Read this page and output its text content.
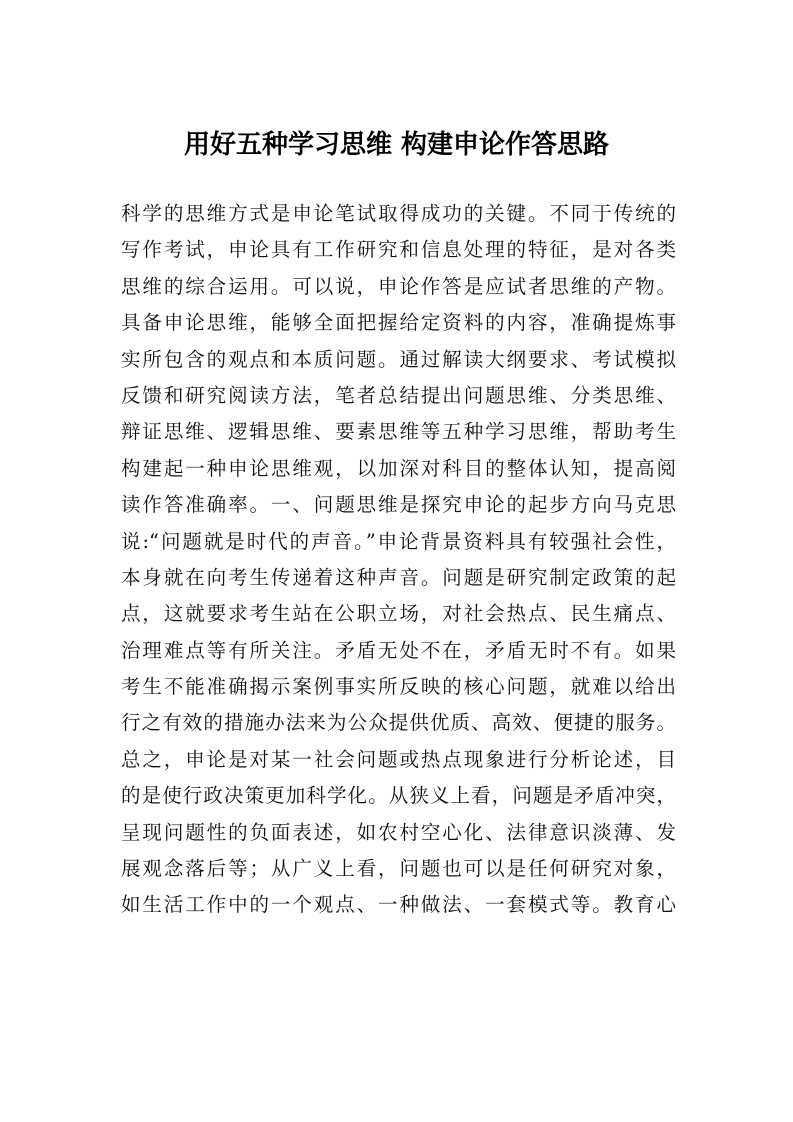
用好五种学习思维 构建申论作答思路
科学的思维方式是申论笔试取得成功的关键。不同于传统的
写作考试，申论具有工作研究和信息处理的特征，是对各类
思维的综合运用。可以说，申论作答是应试者思维的产物。
具备申论思维，能够全面把握给定资料的内容，准确提炼事
实所包含的观点和本质问题。通过解读大纲要求、考试模拟
反馈和研究阅读方法，笔者总结提出问题思维、分类思维、
辩证思维、逻辑思维、要素思维等五种学习思维，帮助考生
构建起一种申论思维观，以加深对科目的整体认知，提高阅
读作答准确率。一、问题思维是探究申论的起步方向马克思
说:“问题就是时代的声音。”申论背景资料具有较强社会性，
本身就在向考生传递着这种声音。问题是研究制定政策的起
点，这就要求考生站在公职立场，对社会热点、民生痛点、
治理难点等有所关注。矛盾无处不在，矛盾无时不有。如果
考生不能准确揭示案例事实所反映的核心问题，就难以给出
行之有效的措施办法来为公众提供优质、高效、便捷的服务。
总之，申论是对某一社会问题或热点现象进行分析论述，目
的是使行政决策更加科学化。从狭义上看，问题是矛盾冲突，
呈现问题性的负面表述，如农村空心化、法律意识淡薄、发
展观念落后等；从广义上看，问题也可以是任何研究对象，
如生活工作中的一个观点、一种做法、一套模式等。教育心
